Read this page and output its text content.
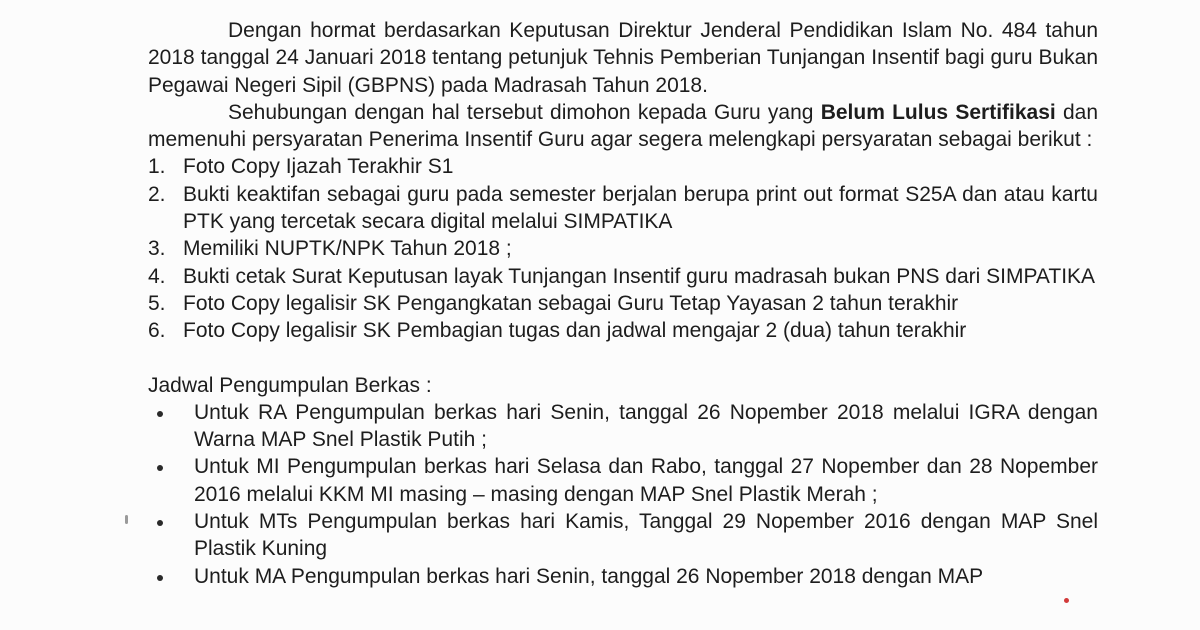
Dengan hormat berdasarkan Keputusan Direktur Jenderal Pendidikan Islam No. 484 tahun 2018 tanggal 24 Januari 2018 tentang petunjuk Tehnis Pemberian Tunjangan Insentif bagi guru Bukan Pegawai Negeri Sipil (GBPNS) pada Madrasah Tahun 2018.

Sehubungan dengan hal tersebut dimohon kepada Guru yang Belum Lulus Sertifikasi dan memenuhi persyaratan Penerima Insentif Guru agar segera melengkapi persyaratan sebagai berikut :

1. Foto Copy Ijazah Terakhir S1
2. Bukti keaktifan sebagai guru pada semester berjalan berupa print out format S25A dan atau kartu PTK yang tercetak secara digital melalui SIMPATIKA
3. Memiliki NUPTK/NPK Tahun 2018 ;
4. Bukti cetak Surat Keputusan layak Tunjangan Insentif guru madrasah bukan PNS dari SIMPATIKA
5. Foto Copy legalisir SK Pengangkatan sebagai Guru Tetap Yayasan 2 tahun terakhir
6. Foto Copy legalisir SK Pembagian tugas dan jadwal mengajar 2 (dua) tahun terakhir

Jadwal Pengumpulan Berkas :

Untuk RA Pengumpulan berkas hari Senin, tanggal 26 Nopember 2018 melalui IGRA dengan Warna MAP Snel Plastik Putih ;
Untuk MI Pengumpulan berkas hari Selasa dan Rabo, tanggal 27 Nopember dan 28 Nopember 2016 melalui KKM MI masing – masing dengan MAP Snel Plastik Merah ;
Untuk MTs Pengumpulan berkas hari Kamis, Tanggal 29 Nopember 2016 dengan MAP Snel Plastik Kuning
Untuk MA Pengumpulan berkas hari Senin, tanggal 26 Nopember 2018 dengan MAP
